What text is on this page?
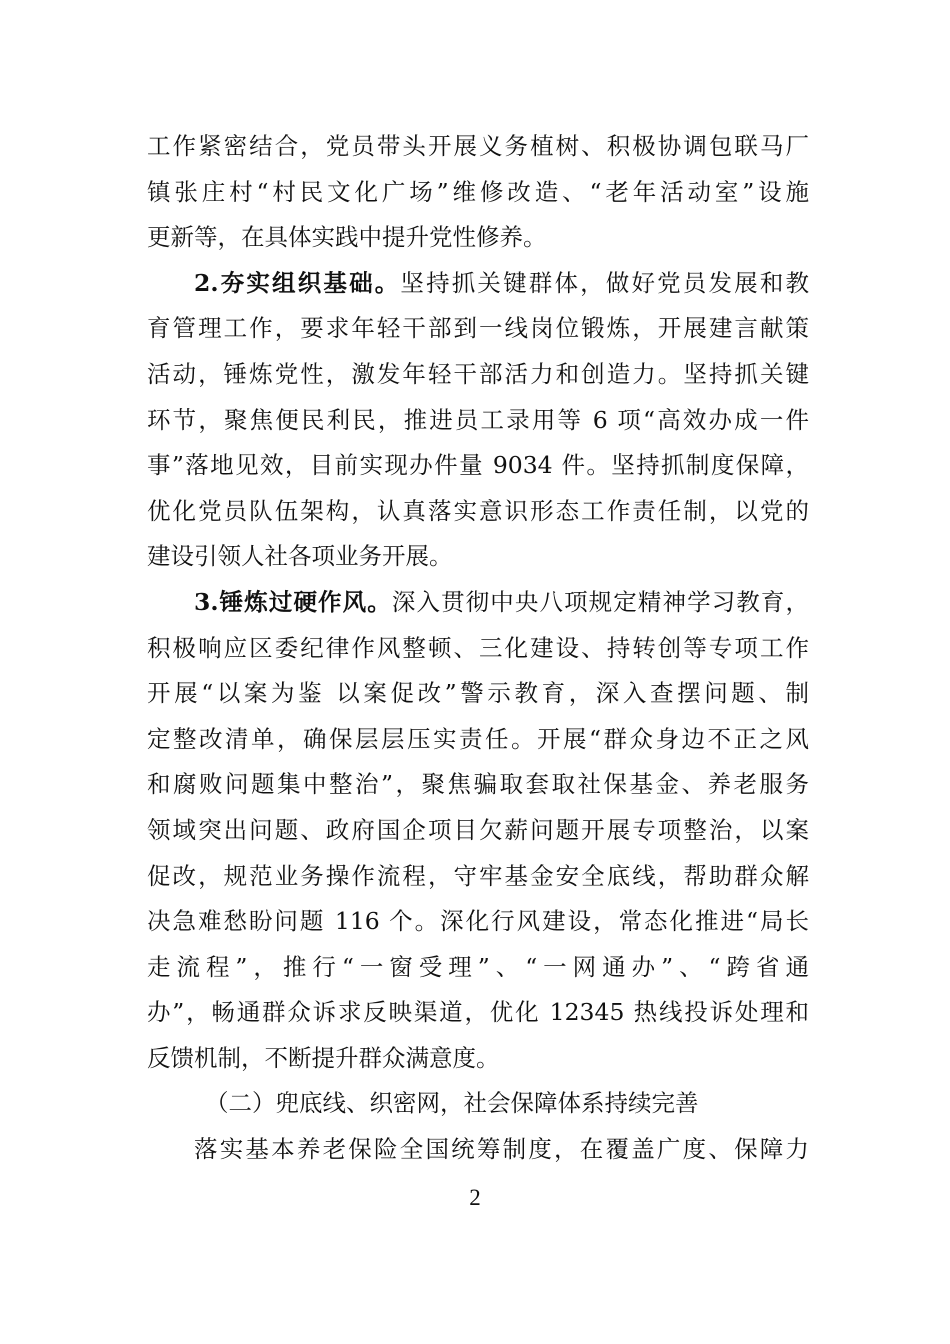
工作紧密结合，党员带头开展义务植树、积极协调包联马厂
镇张庄村“村民文化广场”维修改造、“老年活动室”设施
更新等，在具体实践中提升党性修养。
2.夯实组织基础。坚持抓关键群体，做好党员发展和教
育管理工作，要求年轻干部到一线岗位锻炼，开展建言献策
活动，锤炼党性，激发年轻干部活力和创造力。坚持抓关键
环节，聚焦便民利民，推进员工录用等 6 项“高效办成一件
事”落地见效，目前实现办件量 9034 件。坚持抓制度保障，
优化党员队伍架构，认真落实意识形态工作责任制，以党的
建设引领人社各项业务开展。
3.锤炼过硬作风。深入贯彻中央八项规定精神学习教育，
积极响应区委纪律作风整顿、三化建设、持转创等专项工作
开展“以案为鉴 以案促改”警示教育，深入查摆问题、制
定整改清单，确保层层压实责任。开展“群众身边不正之风
和腐败问题集中整治”，聚焦骗取套取社保基金、养老服务
领域突出问题、政府国企项目欠薪问题开展专项整治，以案
促改，规范业务操作流程，守牢基金安全底线，帮助群众解
决急难愁盼问题 116 个。深化行风建设，常态化推进“局长
走流程”，推行“一窗受理”、“一网通办”、“跨省通
办”，畅通群众诉求反映渠道，优化 12345 热线投诉处理和
反馈机制，不断提升群众满意度。
（二）兜底线、织密网，社会保障体系持续完善
落实基本养老保险全国统筹制度，在覆盖广度、保障力
2
